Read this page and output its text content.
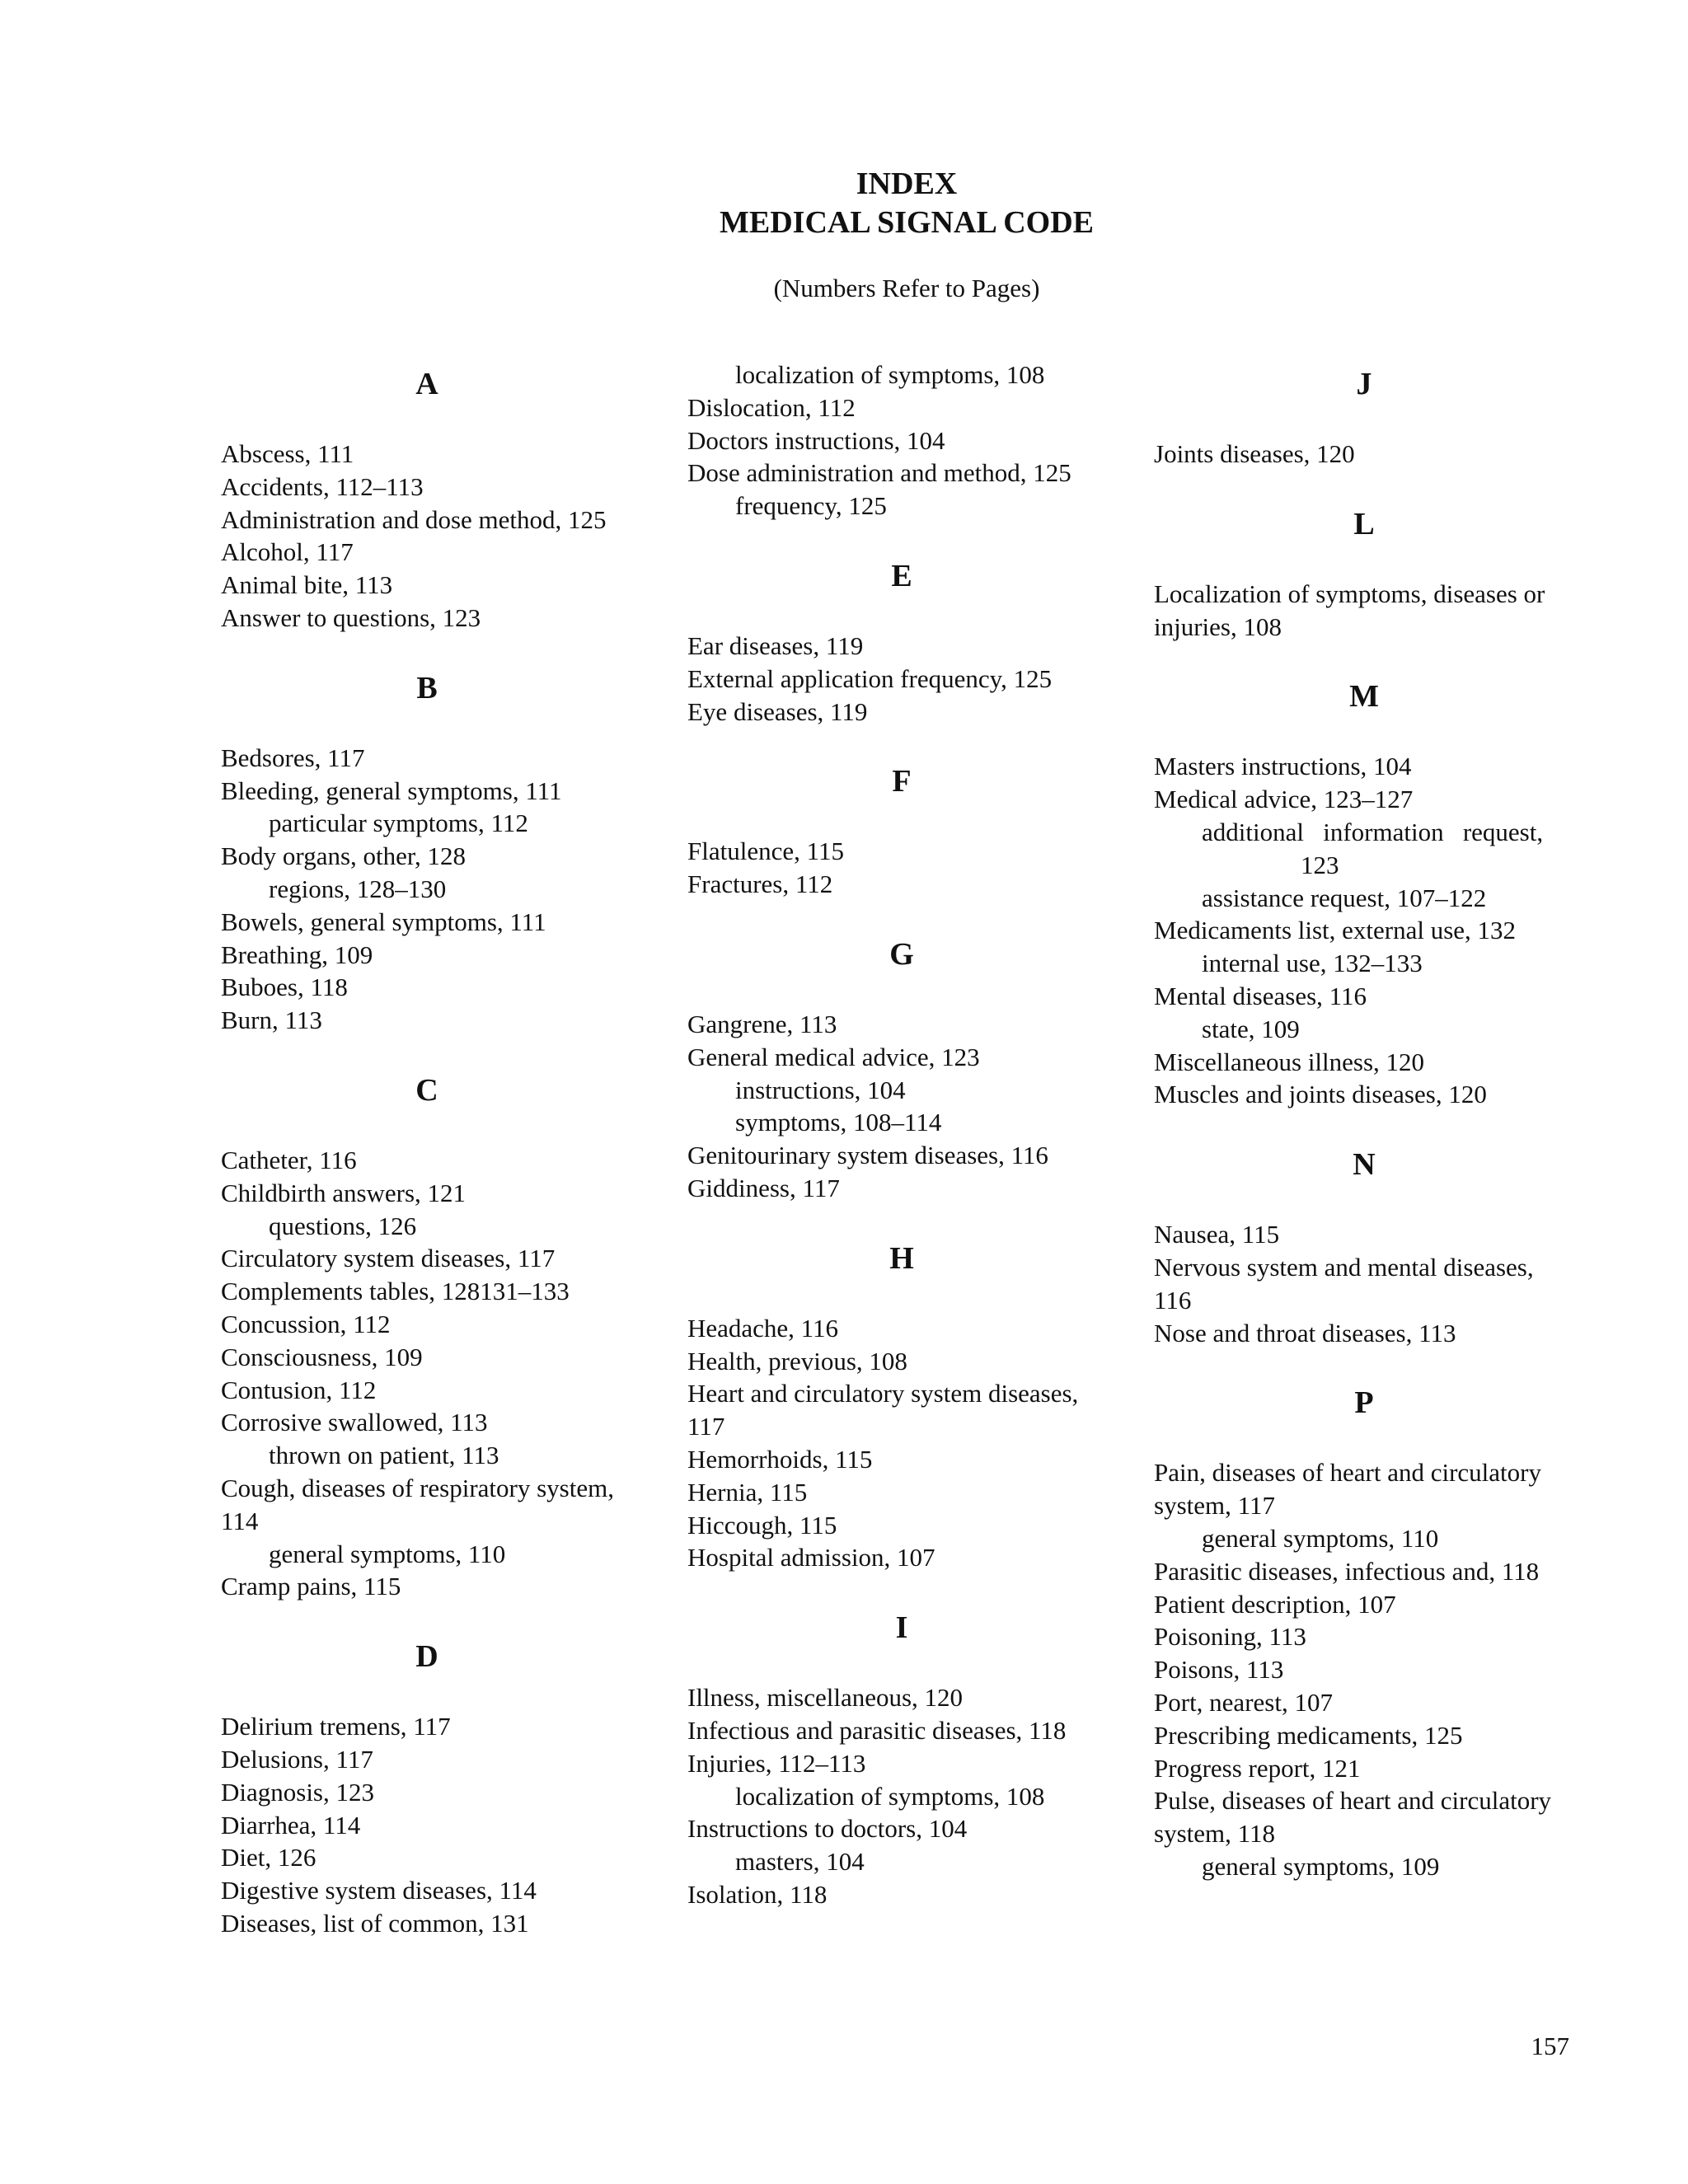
INDEX
MEDICAL SIGNAL CODE
(Numbers Refer to Pages)
A
Abscess, 111
Accidents, 112–113
Administration and dose method, 125
Alcohol, 117
Animal bite, 113
Answer to questions, 123
B
Bedsores, 117
Bleeding, general symptoms, 111
particular symptoms, 112
Body organs, other, 128
regions, 128–130
Bowels, general symptoms, 111
Breathing, 109
Buboes, 118
Burn, 113
C
Catheter, 116
Childbirth answers, 121
questions, 126
Circulatory system diseases, 117
Complements tables, 128131–133
Concussion, 112
Consciousness, 109
Contusion, 112
Corrosive swallowed, 113
thrown on patient, 113
Cough, diseases of respiratory system,
114
general symptoms, 110
Cramp pains, 115
D
Delirium tremens, 117
Delusions, 117
Diagnosis, 123
Diarrhea, 114
Diet, 126
Digestive system diseases, 114
Diseases, list of common, 131
localization of symptoms, 108
Dislocation, 112
Doctors instructions, 104
Dose administration and method, 125
frequency, 125
E
Ear diseases, 119
External application frequency, 125
Eye diseases, 119
F
Flatulence, 115
Fractures, 112
G
Gangrene, 113
General medical advice, 123
instructions, 104
symptoms, 108–114
Genitourinary system diseases, 116
Giddiness, 117
H
Headache, 116
Health, previous, 108
Heart and circulatory system diseases,
117
Hemorrhoids, 115
Hernia, 115
Hiccough, 115
Hospital admission, 107
I
Illness, miscellaneous, 120
Infectious and parasitic diseases, 118
Injuries, 112–113
localization of symptoms, 108
Instructions to doctors, 104
masters, 104
Isolation, 118
J
Joints diseases, 120
L
Localization of symptoms, diseases or
injuries, 108
M
Masters instructions, 104
Medical advice, 123–127
additional   information   request,
123
assistance request, 107–122
Medicaments list, external use, 132
internal use, 132–133
Mental diseases, 116
state, 109
Miscellaneous illness, 120
Muscles and joints diseases, 120
N
Nausea, 115
Nervous system and mental diseases,
116
Nose and throat diseases, 113
P
Pain, diseases of heart and circulatory
system, 117
general symptoms, 110
Parasitic diseases, infectious and, 118
Patient description, 107
Poisoning, 113
Poisons, 113
Port, nearest, 107
Prescribing medicaments, 125
Progress report, 121
Pulse, diseases of heart and circulatory
system, 118
general symptoms, 109
157
